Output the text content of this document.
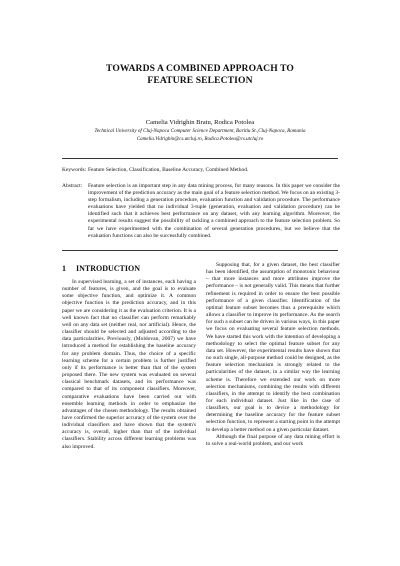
TOWARDS A COMBINED APPROACH TO
FEATURE SELECTION
Camelia Vidrighin Bratu, Rodica Potolea
Technical University of Cluj-Napoca Computer Science Department, Baritiu St.,Cluj-Napoca, Romania
Camelia.Vidrighin@cs.utcluj.ro, Rodica.Potolea@cs.utcluj.ro
Keywords: Feature Selection, Classification, Baseline Accuracy, Combined Method.
Abstract: Feature selection is an important step in any data mining process, for many reasons. In this paper we consider the improvement of the prediction accuracy as the main goal of a feature selection method. We focus on an existing 3-step formalism, including a generation procedure, evaluation function and validation procedure. The performance evaluations have yielded that no individual 3-tuple (generation, evaluation and validation procedure) can be identified such that it achieves best performance on any dataset, with any learning algorithm. Moreover, the experimental results suggest the possibility of tackling a combined approach to the feature selection problem. So far we have experimented with the combination of several generation procedures, but we believe that the evaluation functions can also be successfully combined.
1 INTRODUCTION

In supervised learning, a set of instances, each having a number of features, is given, and the goal is to evaluate some objective function, and optimize it. A common objective function is the prediction accuracy, and in this paper we are considering it as the evaluation criterion. It is a well known fact that no classifier can perform remarkably well on any data set (neither real, nor artificial). Hence, the classifier should be selected and adjusted according to the data particularities. Previously, (Moldovan, 2007) we have introduced a method for establishing the baseline accuracy for any problem domain. Thus, the choice of a specific learning scheme for a certain problem is further justified only if its performance is better than that of the system proposed there. The new system was evaluated on several classical benchmark datasets, and its performance was compared to that of its component classifiers. Moreover, comparative evaluations have been carried out with ensemble learning methods in order to emphasize the advantages of the chosen methodology. The results obtained have confirmed the superior accuracy of the system over the individual classifiers and have shown that the system's accuracy is, overall, higher than that of the individual classifiers. Stability across different learning problems was also improved.

Supposing that, for a given dataset, the best classifier has been identified, the assumption of monotonic behaviour – that more instances and more attributes improve the performance – is not generally valid. This means that further refinement is required in order to ensure the best possible performance of a given classifier. Identification of the optimal feature subset becomes thus a prerequisite which allows a classifier to improve its performance. As the search for such a subset can be driven in various ways, in this paper we focus on evaluating several feature selection methods. We have started this work with the intention of developing a methodology to select the optimal feature subset for any data set. However, the experimental results have shown that no such single, all-purpose method could be designed, as the feature selection mechanism is strongly related to the particularities of the dataset, in a similar way the learning scheme is. Therefore we extended our work on more selection mechanisms, combining the results with different classifiers, in the attempt to identify the best combination for each individual dataset. Just like in the case of classifiers, our goal is to device a methodology for determining the baseline accuracy for the feature subset selection function, to represent a starting point in the attempt to develop a better method on a given particular dataset.

Although the final purpose of any data mining effort is to solve a real-world problem, and our work
